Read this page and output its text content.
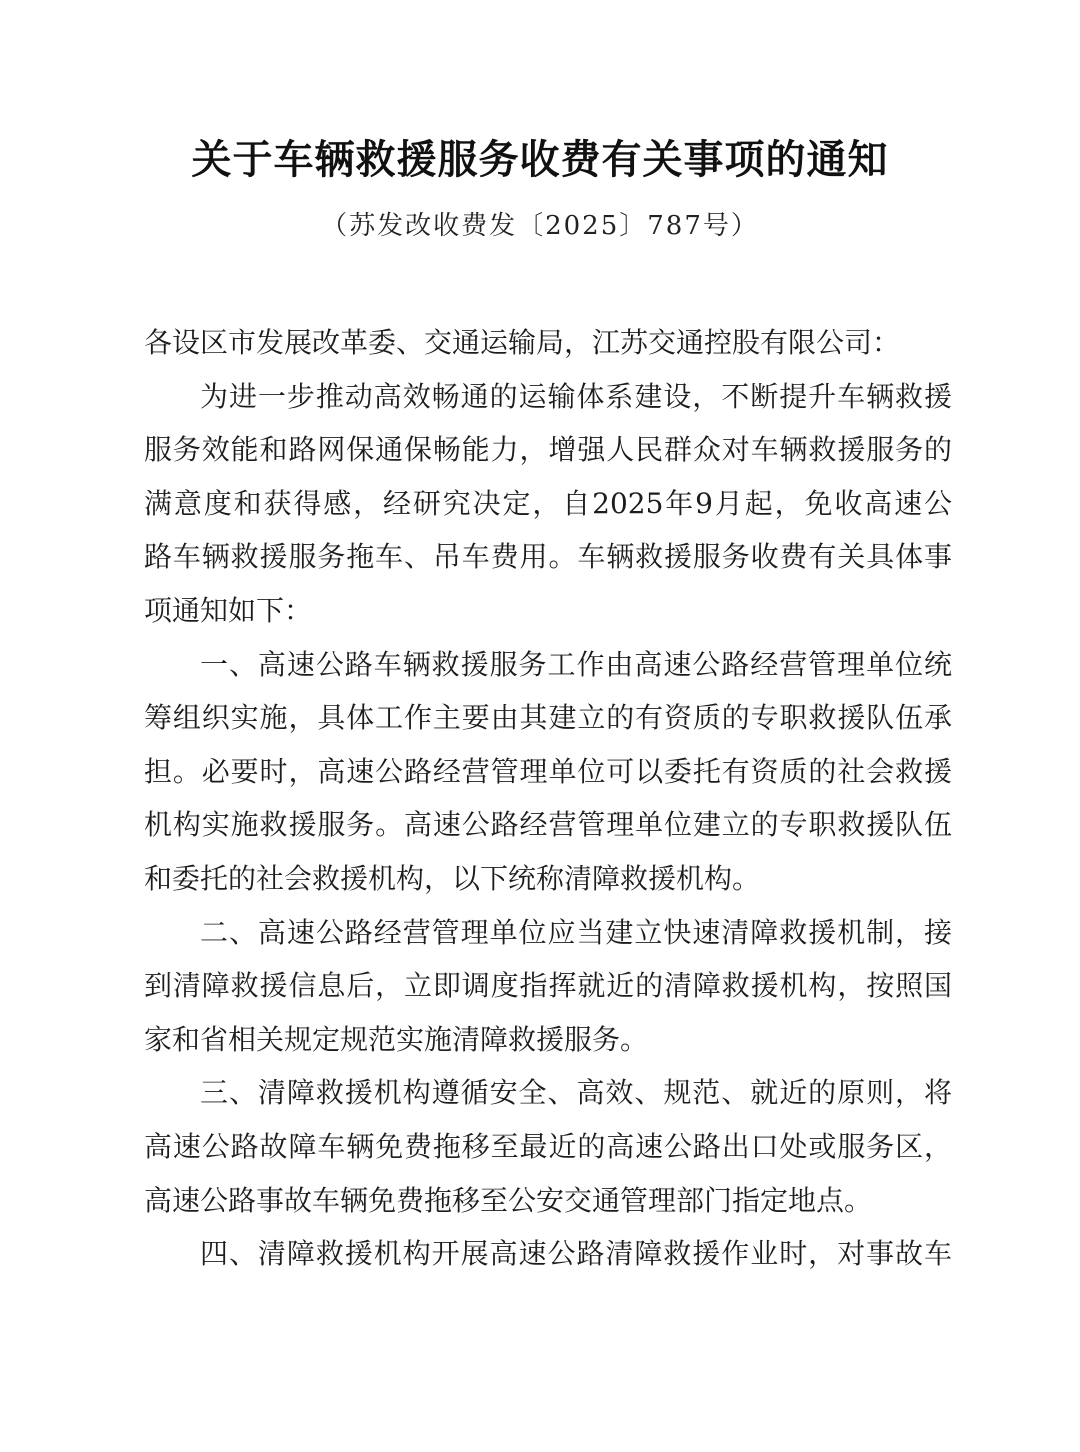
关于车辆救援服务收费有关事项的通知
（苏发改收费发〔2025〕787号）
各设区市发展改革委、交通运输局，江苏交通控股有限公司：

为进一步推动高效畅通的运输体系建设，不断提升车辆救援
服务效能和路网保通保畅能力，增强人民群众对车辆救援服务的
满意度和获得感，经研究决定，自2025年9月起，免收高速公
路车辆救援服务拖车、吊车费用。车辆救援服务收费有关具体事
项通知如下：

一、高速公路车辆救援服务工作由高速公路经营管理单位统
筹组织实施，具体工作主要由其建立的有资质的专职救援队伍承
担。必要时，高速公路经营管理单位可以委托有资质的社会救援
机构实施救援服务。高速公路经营管理单位建立的专职救援队伍
和委托的社会救援机构，以下统称清障救援机构。

二、高速公路经营管理单位应当建立快速清障救援机制，接
到清障救援信息后，立即调度指挥就近的清障救援机构，按照国
家和省相关规定规范实施清障救援服务。

三、清障救援机构遵循安全、高效、规范、就近的原则，将
高速公路故障车辆免费拖移至最近的高速公路出口处或服务区，
高速公路事故车辆免费拖移至公安交通管理部门指定地点。

四、清障救援机构开展高速公路清障救援作业时，对事故车
